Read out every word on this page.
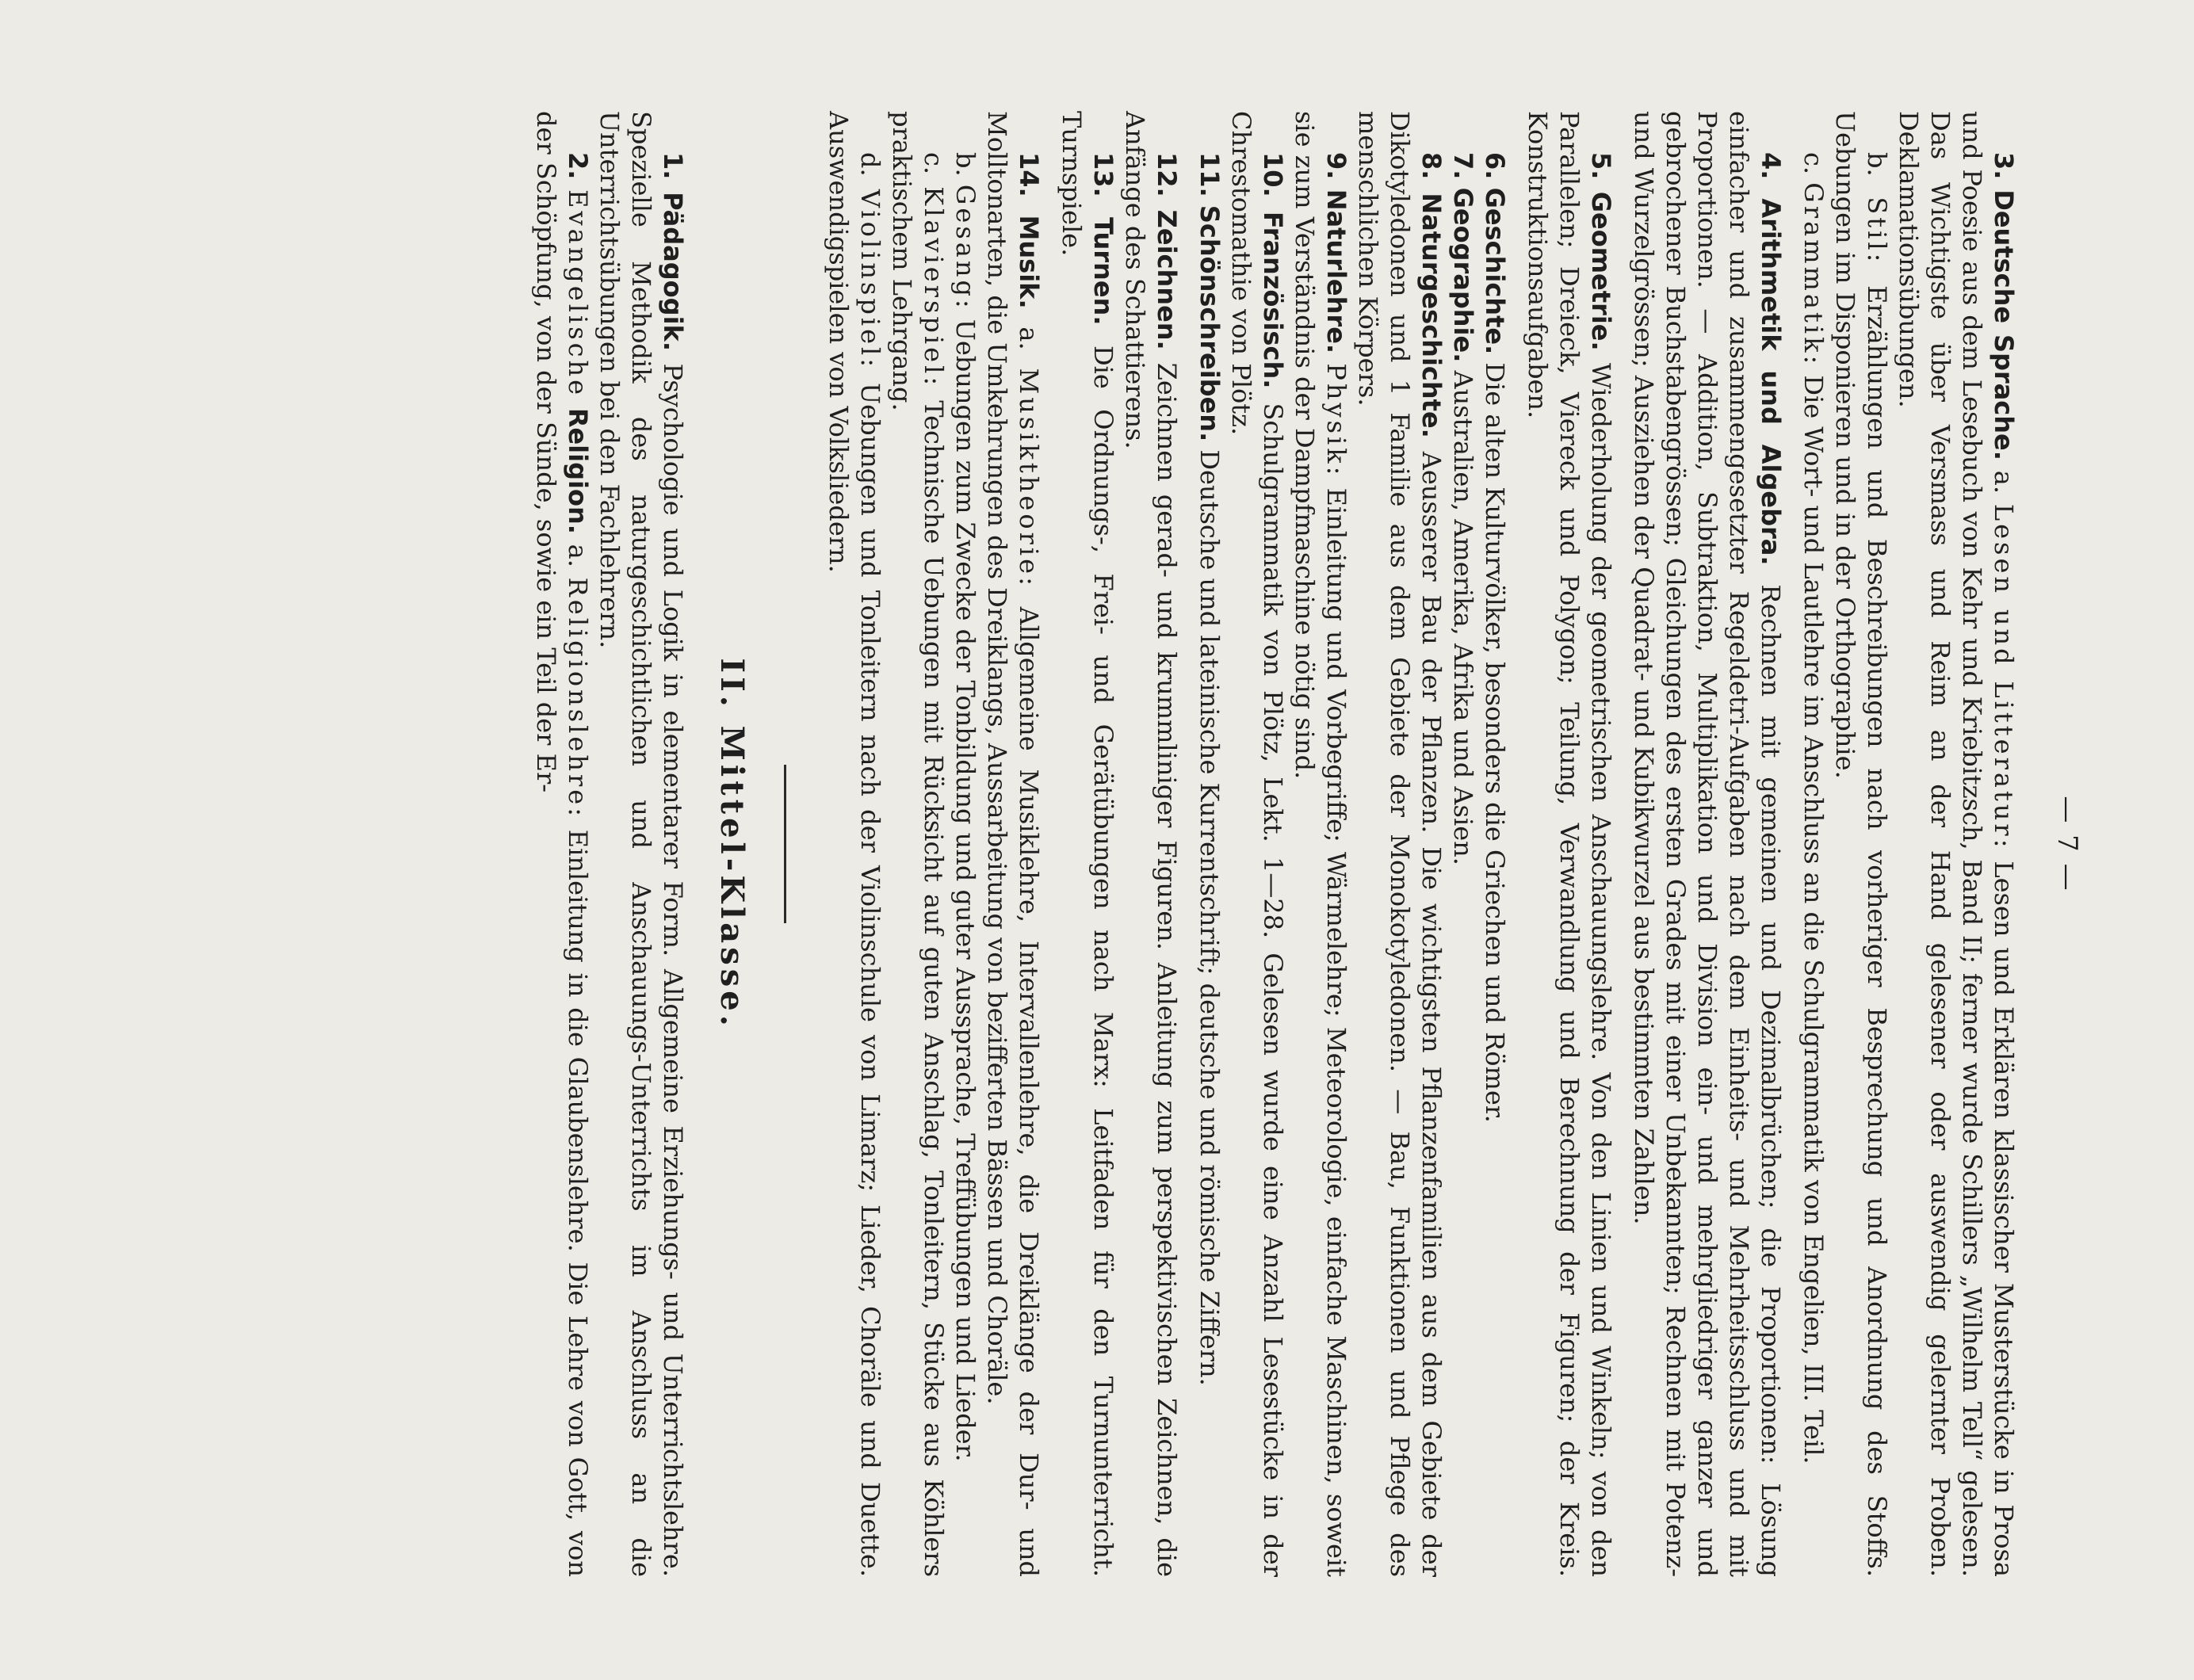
— 7 —

3. Deutsche Sprache. a. Lesen und Litteratur: Lesen und Erklären klassischer Musterstücke in Prosa und Poesie aus dem Lesebuch von Kehr und Kriebitzsch, Band II; ferner wurde Schillers „Wilhelm Tell“ gelesen. Das Wichtigste über Versmass und Reim an der Hand gelesener oder auswendig gelernter Proben. Deklamationsübungen.

b. Stil: Erzählungen und Beschreibungen nach vorheriger Besprechung und Anordnung des Stoffs. Uebungen im Disponieren und in der Orthographie.

c. Grammatik: Die Wort- und Lautlehre im Anschluss an die Schulgrammatik von Engelien, III. Teil.

4. Arithmetik und Algebra. Rechnen mit gemeinen und Dezimalbrüchen; die Proportionen: Lösung einfacher und zusammengesetzter Regeldetri-Aufgaben nach dem Einheits- und Mehrheitsschluss und mit Proportionen. — Addition, Subtraktion, Multiplikation und Division ein- und mehrgliedriger ganzer und gebrochener Buchstabengrössen; Gleichungen des ersten Grades mit einer Unbekannten; Rechnen mit Potenz- und Wurzelgrössen; Ausziehen der Quadrat- und Kubikwurzel aus bestimmten Zahlen.

5. Geometrie. Wiederholung der geometrischen Anschauungslehre. Von den Linien und Winkeln; von den Parallelen; Dreieck, Viereck und Polygon; Teilung, Verwandlung und Berechnung der Figuren; der Kreis. Konstruktionsaufgaben.

6. Geschichte. Die alten Kulturvölker, besonders die Griechen und Römer.

7. Geographie. Australien, Amerika, Afrika und Asien.

8. Naturgeschichte. Aeusserer Bau der Pflanzen. Die wichtigsten Pflanzenfamilien aus dem Gebiete der Dikotyledonen und 1 Familie aus dem Gebiete der Monokotyledonen. — Bau, Funktionen und Pflege des menschlichen Körpers.

9. Naturlehre. Physik: Einleitung und Vorbegriffe; Wärmelehre; Meteorologie, einfache Maschinen, soweit sie zum Verständnis der Dampfmaschine nötig sind.

10. Französisch. Schulgrammatik von Plötz, Lekt. 1—28. Gelesen wurde eine Anzahl Lesestücke in der Chrestomathie von Plötz.

11. Schönschreiben. Deutsche und lateinische Kurrentschrift; deutsche und römische Ziffern.

12. Zeichnen. Zeichnen gerad- und krummliniger Figuren. Anleitung zum perspektivischen Zeichnen, die Anfänge des Schattierens.

13. Turnen. Die Ordnungs-, Frei- und Gerätübungen nach Marx: Leitfaden für den Turnunterricht. Turnspiele.

14. Musik. a. Musiktheorie: Allgemeine Musiklehre, Intervallenlehre, die Dreiklänge der Dur- und Molltonarten, die Umkehrungen des Dreiklangs, Aussarbeitung von bezifferten Bässen und Choräle.

b. Gesang: Uebungen zum Zwecke der Tonbildung und guter Aussprache, Treffübungen und Lieder.

c. Klavierspiel: Technische Uebungen mit Rücksicht auf guten Anschlag, Tonleitern, Stücke aus Köhlers praktischem Lehrgang.

d. Violinspiel: Uebungen und Tonleitern nach der Violinschule von Limarz; Lieder, Choräle und Duette. Auswendigspielen von Volksliedern.

II. Mittel-Klasse.

1. Pädagogik. Psychologie und Logik in elementarer Form. Allgemeine Erziehungs- und Unterrichtslehre. Spezielle Methodik des naturgeschichtlichen und Anschauungs-Unterrichts im Anschluss an die Unterrichtsübungen bei den Fachlehrern.

2. Evangelische Religion. a. Religionslehre: Einleitung in die Glaubenslehre. Die Lehre von Gott, von der Schöpfung, von der Sünde, sowie ein Teil der Er-
